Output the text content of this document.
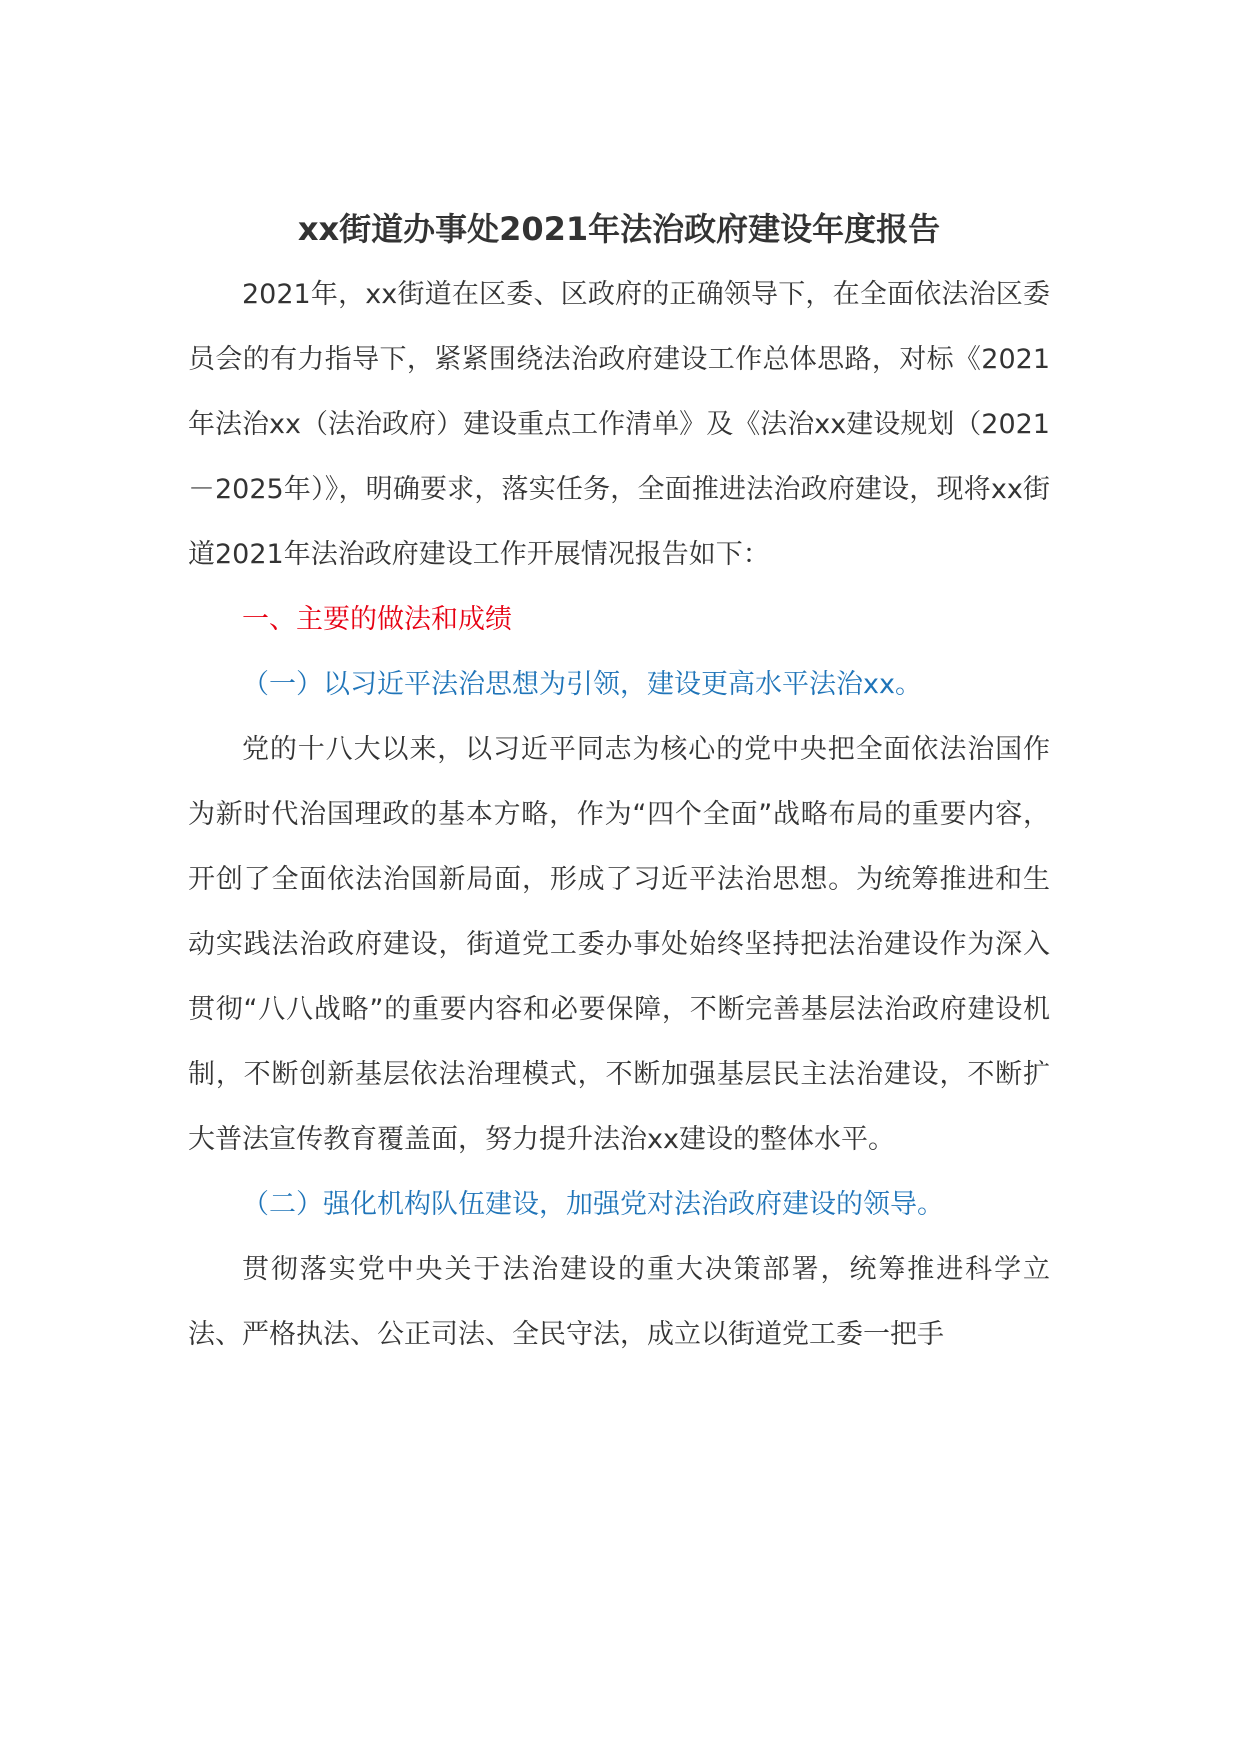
xx街道办事处2021年法治政府建设年度报告

2021年，xx街道在区委、区政府的正确领导下，在全面依法治区委员会的有力指导下，紧紧围绕法治政府建设工作总体思路，对标《2021年法治xx（法治政府）建设重点工作清单》及《法治xx建设规划（2021－2025年）》，明确要求，落实任务，全面推进法治政府建设，现将xx街道2021年法治政府建设工作开展情况报告如下：

一、主要的做法和成绩

（一）以习近平法治思想为引领，建设更高水平法治xx。

党的十八大以来，以习近平同志为核心的党中央把全面依法治国作为新时代治国理政的基本方略，作为“四个全面”战略布局的重要内容，开创了全面依法治国新局面，形成了习近平法治思想。为统筹推进和生动实践法治政府建设，街道党工委办事处始终坚持把法治建设作为深入贯彻“八八战略”的重要内容和必要保障，不断完善基层法治政府建设机制，不断创新基层依法治理模式，不断加强基层民主法治建设，不断扩大普法宣传教育覆盖面，努力提升法治xx建设的整体水平。

（二）强化机构队伍建设，加强党对法治政府建设的领导。

贯彻落实党中央关于法治建设的重大决策部署，统筹推进科学立法、严格执法、公正司法、全民守法，成立以街道党工委一把手
